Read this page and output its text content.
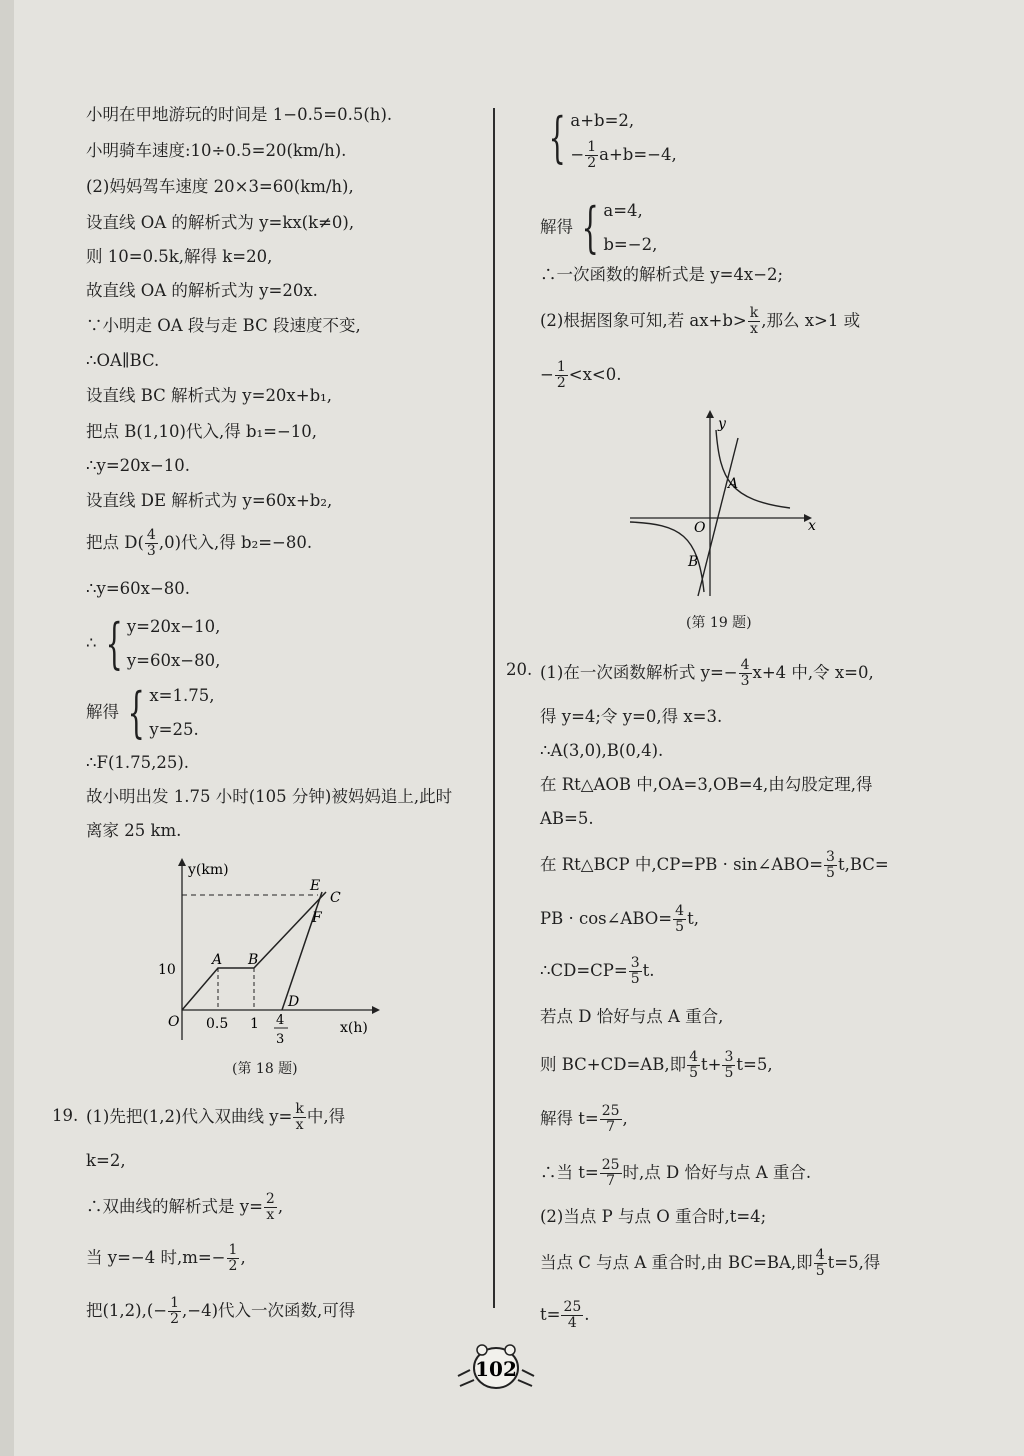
小明在甲地游玩的时间是 1−0.5=0.5(h).
小明骑车速度:10÷0.5=20(km/h).
(2)妈妈驾车速度 20×3=60(km/h),
设直线 OA 的解析式为 y=kx(k≠0),
则 10=0.5k,解得 k=20,
故直线 OA 的解析式为 y=20x.
∵小明走 OA 段与走 BC 段速度不变,
∴OA∥BC.
设直线 BC 解析式为 y=20x+b₁,
把点 B(1,10)代入,得 b₁=−10,
∴y=20x−10.
设直线 DE 解析式为 y=60x+b₂,
把点 $D( \frac{4}{3} ,0)$代入,得 b₂=−80.
∴y=60x−80.
∴ { y=20x−10,
y=60x−80,
解得 { x=1.75,
y=25.
∴F(1.75,25).
故小明出发 1.75 小时(105 分钟)被妈妈追上,此时
离家 25 km.
10
O 0.5 1 4
3
y(km)
x(h)
A B
C
D
E
F
(第 18 题)
19. (1)先把(1,2)代入双曲线 $y= \frac{k}{x}$ 中,得
k=2,
∴双曲线的解析式是 $y= \frac{2}{x}$ ,
当 y=−4 时$,m=- \frac{1}{2}$ ,
把$(1,2),(- \frac{1}{2} ,-4)$代入一次函数,可得
{ a+b=2,
− $\frac{1}{2} a+b=-4$,
解得 { a=4,
b=−2,
∴一次函数的解析式是 y=4x−2;
(2)根据图象可知,若 $ax+b> \frac{k}{x}$ ,那么 x>1 或
− $\frac{1}{2} <x<0$.
y
x
O
A
B
(第 19 题)
20. (1)在一次函数解析式 $y=- \frac{4}{3} x+4$ 中,令 x=0,
得 y=4;令 y=0,得 x=3.
∴A(3,0),B(0,4).
在 Rt△AOB 中,OA=3,OB=4,由勾股定理,得
AB=5.
在 Rt△BCP 中,CP=PB · sin∠ABO= $\frac{3}{5} t,BC=$
PB · cos∠ABO= $\frac{4}{5} t$,
∴CD=CP= $\frac{3}{5} t$.
若点 D 恰好与点 A 重合,
则 BC+CD=AB,即 $\frac{4}{5} t+ \frac{3}{5} t=5$,
解得 $t= \frac{25}{7}$ ,
∴当 $t= \frac{25}{7}$ 时,点 D 恰好与点 A 重合.
(2)当点 P 与点 O 重合时,t=4;
当点 C 与点 A 重合时,由 BC=BA,即 $\frac{4}{5} t=5$,得
$t= \frac{25}{4}$ .
102
